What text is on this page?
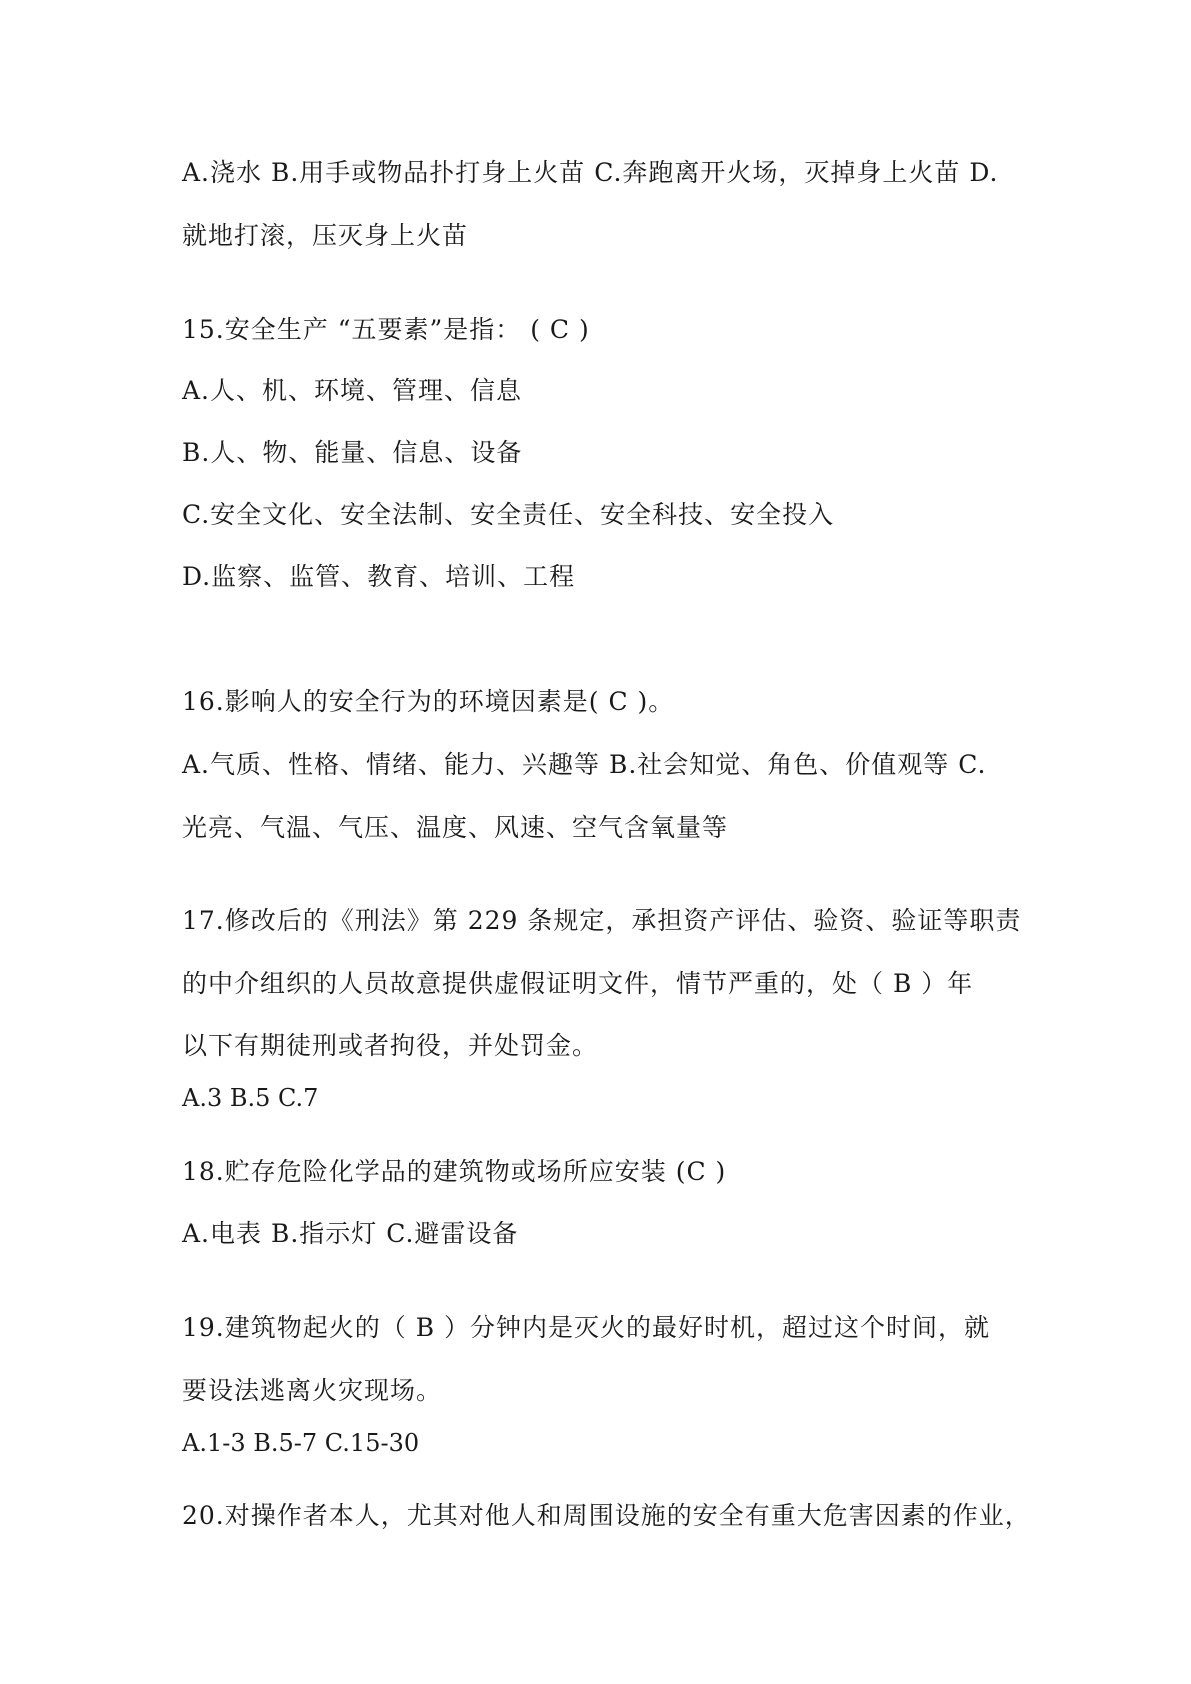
A.浇水 B.用手或物品扑打身上火苗 C.奔跑离开火场，灭掉身上火苗 D.
就地打滚，压灭身上火苗
15.安全生产 “五要素”是指： ( C )
A.人、机、环境、管理、信息
B.人、物、能量、信息、设备
C.安全文化、安全法制、安全责任、安全科技、安全投入
D.监察、监管、教育、培训、工程
16.影响人的安全行为的环境因素是( C )。
A.气质、性格、情绪、能力、兴趣等 B.社会知觉、角色、价值观等 C.
光亮、气温、气压、温度、风速、空气含氧量等
17.修改后的《刑法》第 229 条规定，承担资产评估、验资、验证等职责
的中介组织的人员故意提供虚假证明文件，情节严重的，处（ B ）年
以下有期徒刑或者拘役，并处罚金。
A.3 B.5 C.7
18.贮存危险化学品的建筑物或场所应安装 (C )
A.电表 B.指示灯 C.避雷设备
19.建筑物起火的（ B ）分钟内是灭火的最好时机，超过这个时间，就
要设法逃离火灾现场。
A.1-3 B.5-7 C.15-30
20.对操作者本人，尤其对他人和周围设施的安全有重大危害因素的作业，
